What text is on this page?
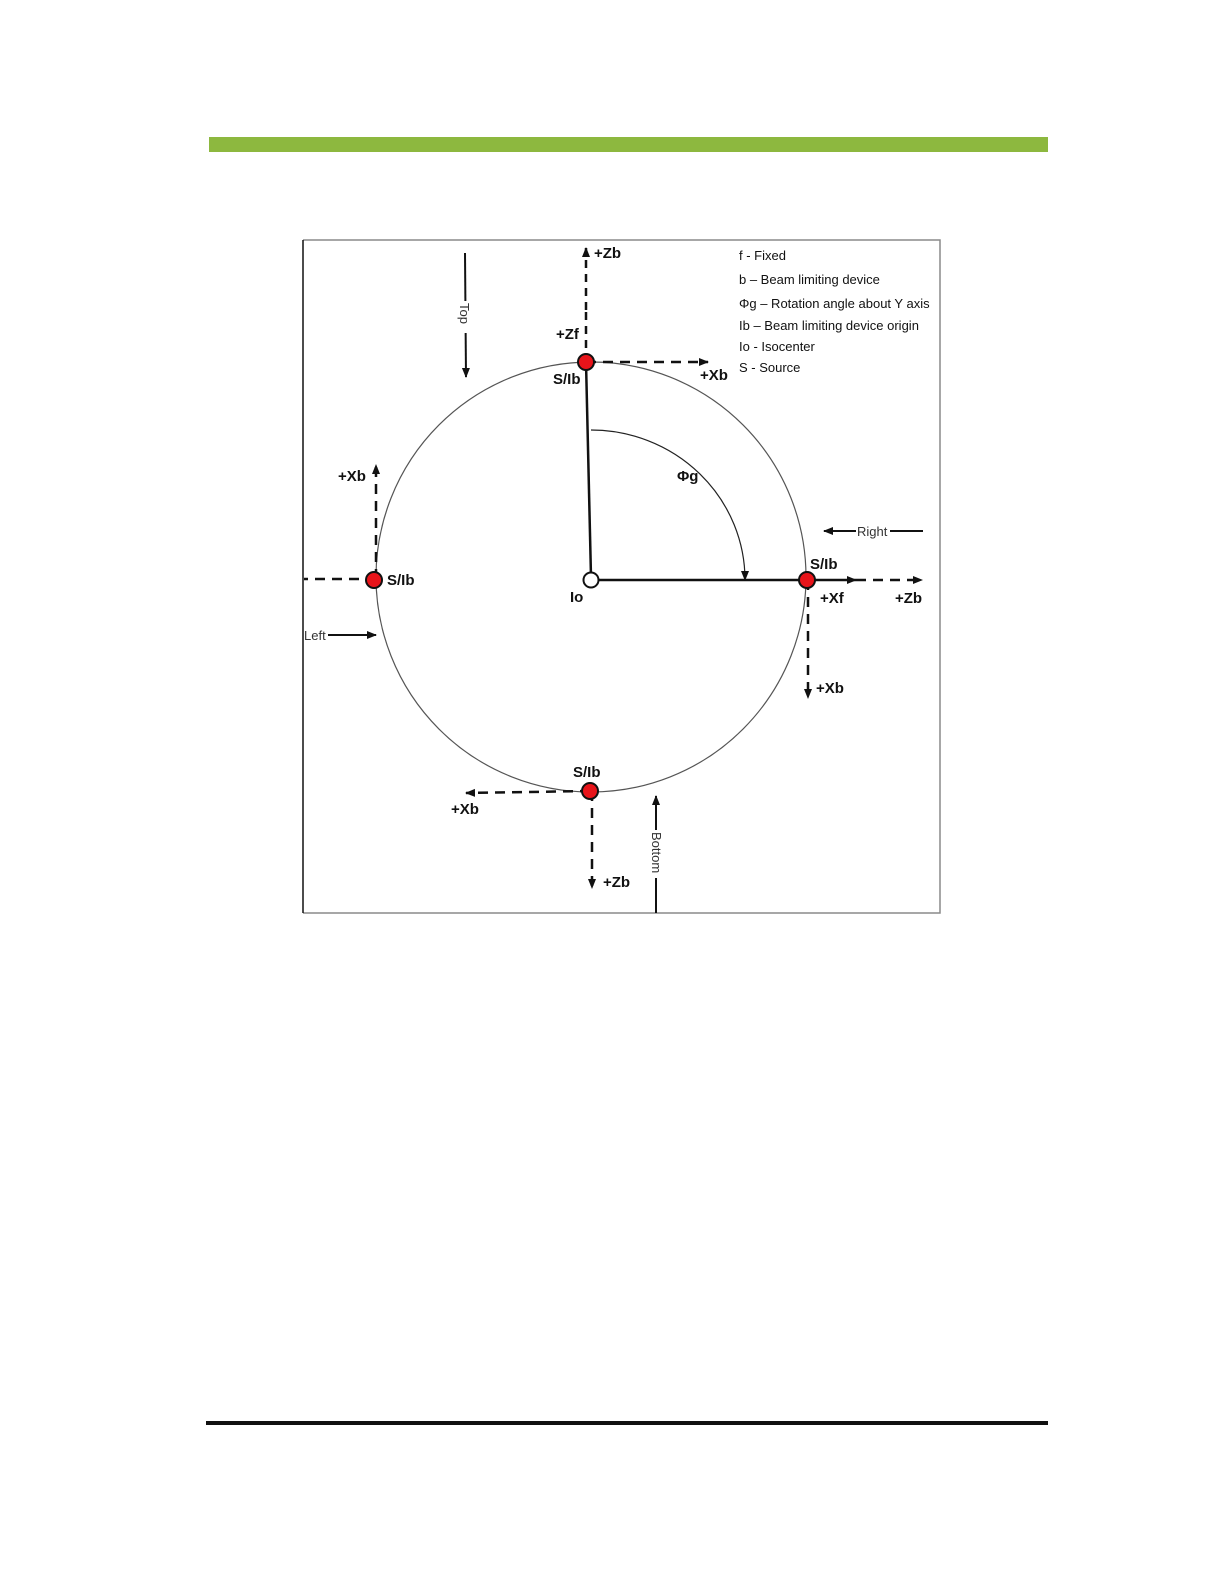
Top
Right
Left
Bottom
+Zb
+Zf
S/Ib	+Xb
Φg
+Xb
S/Ib
Io
S/Ib
+Xf	+Zb
+Xb
S/Ib
+Xb
+Zb
f - Fixed
b – Beam limiting device
Φg – Rotation angle about Y axis
Ib – Beam limiting device origin
Io - Isocenter
S - Source
